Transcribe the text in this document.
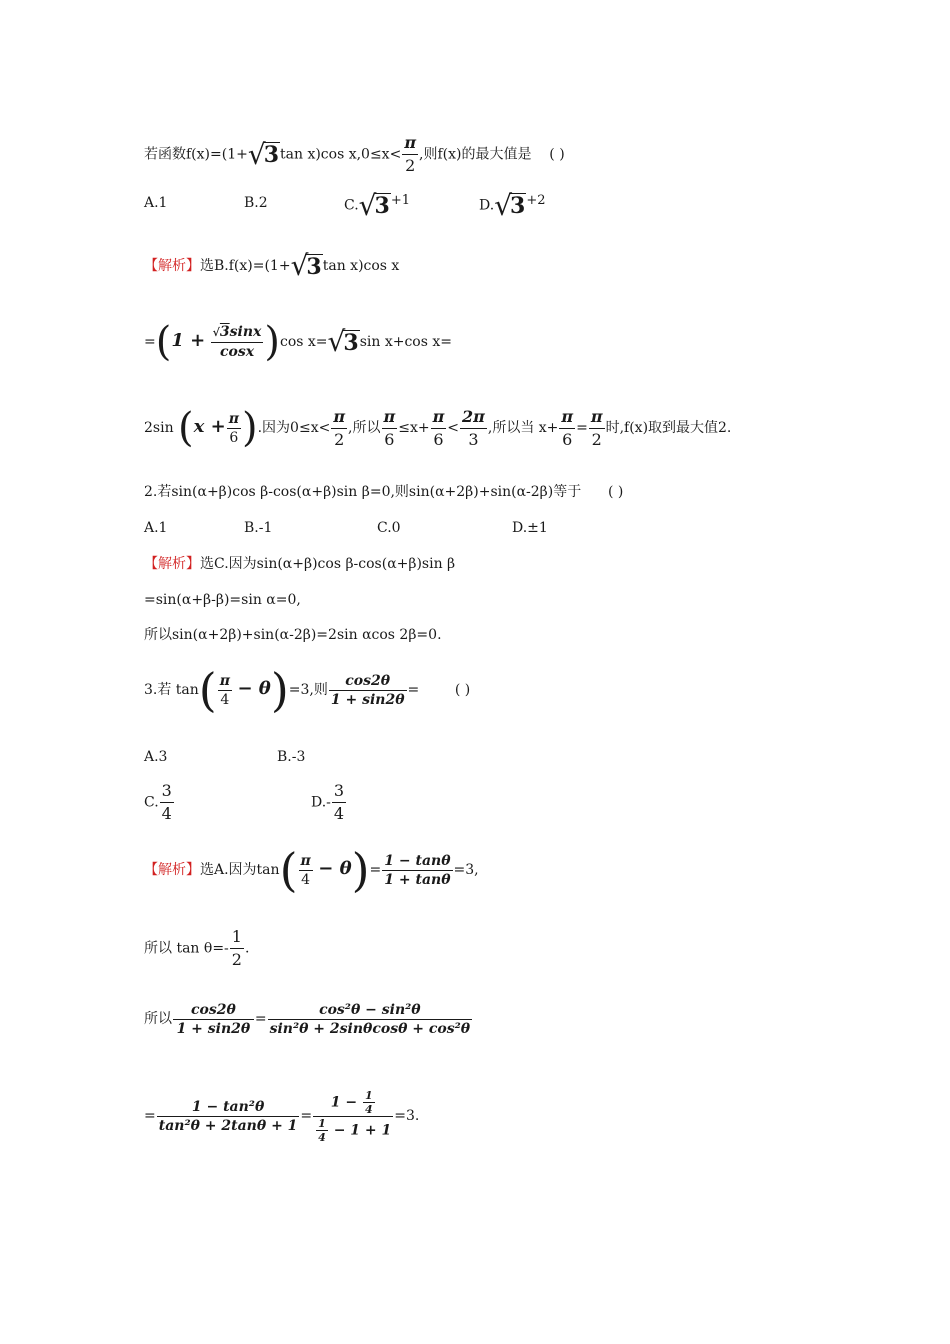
若函数f(x)=(1+√3tan x)cos $x,0\le x< \frac{\pi}{2}$ ,则f(x)的最大值是 ( )
A.1	B.2	$C.√3^{+1}$	$D.√3^{+2}$
【解析】选B.f(x)=(1+√3tan x)cos x
$=(1 + \frac{√3\sin x}{\cos x} )\cos$ x=√3sin x+cos x=
2sin ($x + \frac{\pi}{6}$ ).因为$0\le x< \frac{\pi}{2}$ ,所以 $\frac{\pi}{6} \le x+ \frac{\pi}{6} < \frac{2\pi}{3}$ ,所以当 $x+ \frac{\pi}{6} = \frac{\pi}{2}$ 时,f(x)取到最大值2.
2.若sin(α+β)cos β-cos(α+β)sin β=0,则sin(α+2β)+sin(α-2β)等于 ( )
A.1	B.-1	C.0	D.±1
【解析】选C.因为sin(α+β)cos β-cos(α+β)sin β
=sin(α+β-β)=sin α=0,
所以sin(α+2β)+sin(α-2β)=2sin αcos 2β=0.
3.若 $\tan( \frac{\pi}{4} - \theta)=3$,则 $\frac{\cos 2\theta}{1 + \sin 2\theta}$ =	( )
A.3	B.-3
C. $\frac{3}{4}$	$D.- \frac{3}{4}$
【解析】选A.因为$\tan( \frac{\pi}{4} - \theta)= \frac{1 - \tan\theta}{1 + \tan\theta} =3$,
所以 $\tan \theta=- \frac{1}{2}$ .
所以 $\frac{\cos 2\theta}{1 + \sin 2\theta} = \frac{\text{cos²θ − sin²θ}}{\text{sin²θ + 2sinθcosθ + cos²θ}}$
= $\frac{\text{1 − tan²θ}}{\text{tan²θ + 2tanθ + 1}} = \frac{1 - \frac{1}{4}}{\frac{1}{4} - 1 + 1} =3$.
